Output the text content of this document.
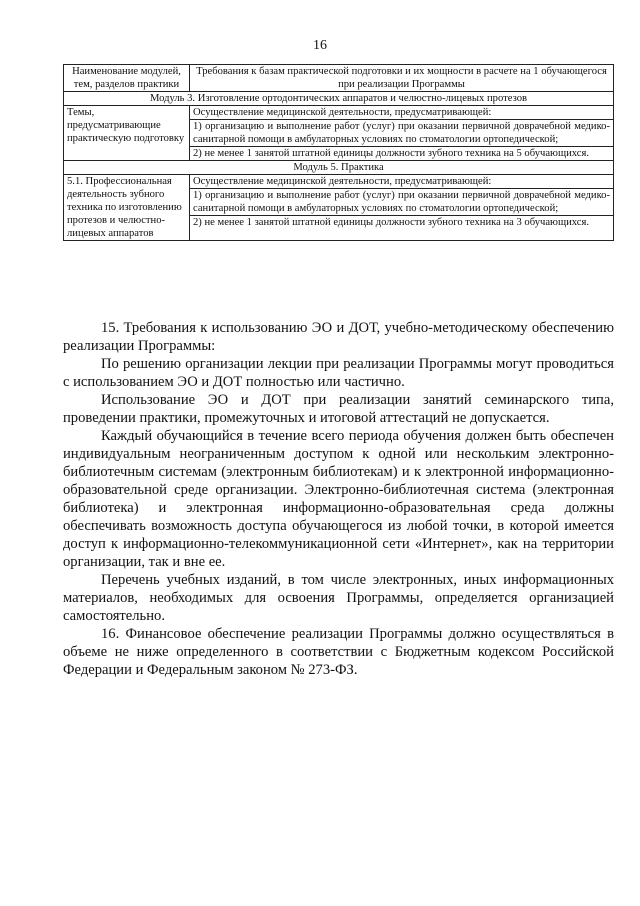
16
Наименование модулей, тем, разделов практики	Требования к базам практической подготовки и их мощности в расчете на 1 обучающегося при реализации Программы
Модуль 3. Изготовление ортодонтических аппаратов и челюстно-лицевых протезов	
Темы, предусматривающие практическую подготовку	Осуществление медицинской деятельности, предусматривающей:
1) организацию и выполнение работ (услуг) при оказании первичной доврачебной медико-санитарной помощи в амбулаторных условиях по стоматологии ортопедической;
2) не менее 1 занятой штатной единицы должности зубного техника на 5 обучающихся.

Модуль 5. Практика	
5.1. Профессиональная деятельность зубного техника по изготовлению протезов и челюстно-лицевых аппаратов	Осуществление медицинской деятельности, предусматривающей:
1) организацию и выполнение работ (услуг) при оказании первичной доврачебной медико-санитарной помощи в амбулаторных условиях по стоматологии ортопедической;
2) не менее 1 занятой штатной единицы должности зубного техника на 3 обучающихся.

15. Требования к использованию ЭО и ДОТ, учебно-методическому обеспечению реализации Программы:

По решению организации лекции при реализации Программы могут проводиться с использованием ЭО и ДОТ полностью или частично.

Использование ЭО и ДОТ при реализации занятий семинарского типа, проведении практики, промежуточных и итоговой аттестаций не допускается.

Каждый обучающийся в течение всего периода обучения должен быть обеспечен индивидуальным неограниченным доступом к одной или нескольким электронно-библиотечным системам (электронным библиотекам) и к электронной информационно-образовательной среде организации. Электронно-библиотечная система (электронная библиотека) и электронная информационно-образовательная среда должны обеспечивать возможность доступа обучающегося из любой точки, в которой имеется доступ к информационно-телекоммуникационной сети «Интернет», как на территории организации, так и вне ее.

Перечень учебных изданий, в том числе электронных, иных информационных материалов, необходимых для освоения Программы, определяется организацией самостоятельно.

16. Финансовое обеспечение реализации Программы должно осуществляться в объеме не ниже определенного в соответствии с Бюджетным кодексом Российской Федерации и Федеральным законом № 273-ФЗ.
